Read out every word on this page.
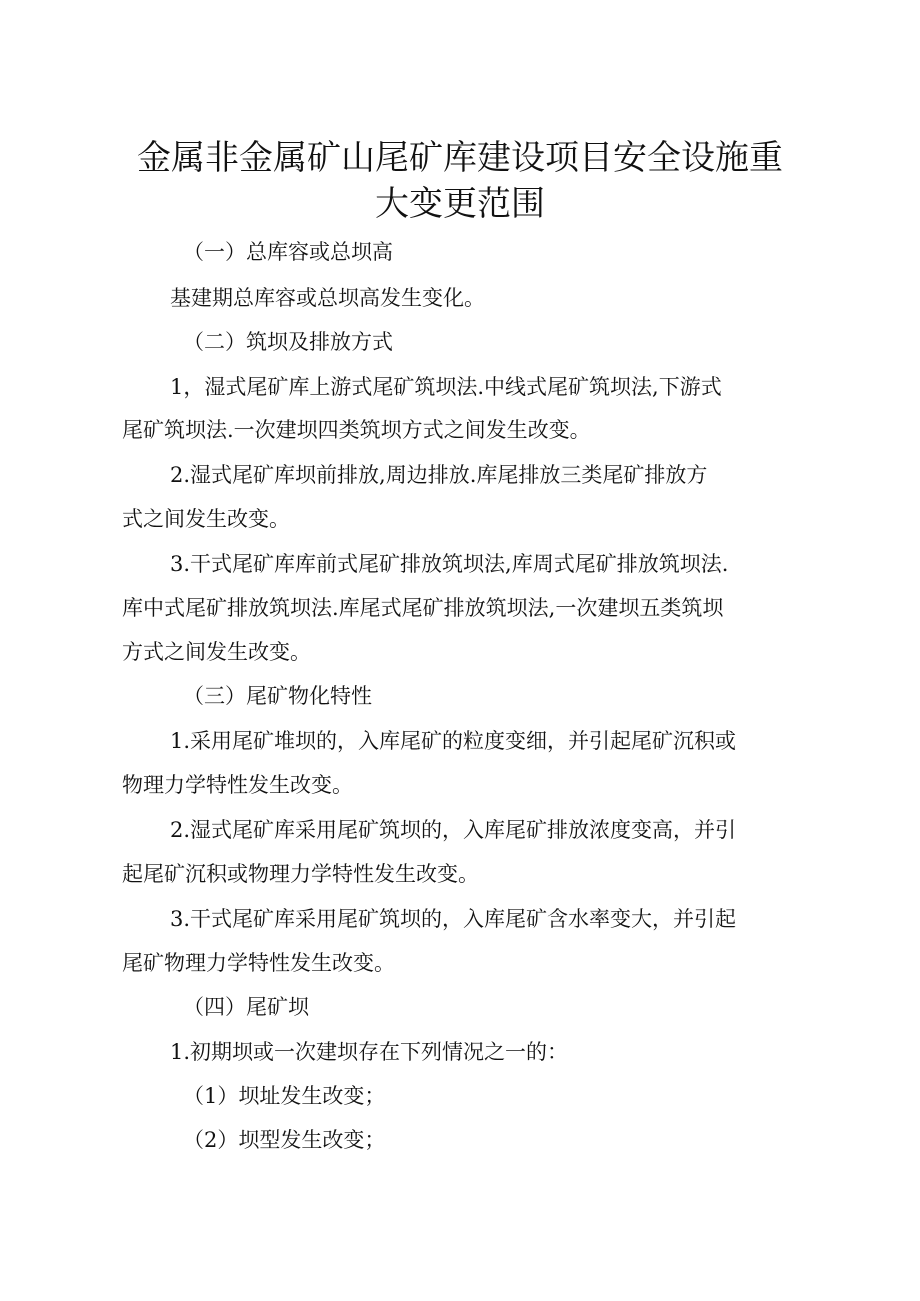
金属非金属矿山尾矿库建设项目安全设施重
大变更范围
（一）总库容或总坝高
基建期总库容或总坝高发生变化。
（二）筑坝及排放方式
1，湿式尾矿库上游式尾矿筑坝法.中线式尾矿筑坝法,下游式
尾矿筑坝法.一次建坝四类筑坝方式之间发生改变。
2.湿式尾矿库坝前排放,周边排放.库尾排放三类尾矿排放方
式之间发生改变。
3.干式尾矿库库前式尾矿排放筑坝法,库周式尾矿排放筑坝法.
库中式尾矿排放筑坝法.库尾式尾矿排放筑坝法,一次建坝五类筑坝
方式之间发生改变。
（三）尾矿物化特性
1.采用尾矿堆坝的，入库尾矿的粒度变细，并引起尾矿沉积或
物理力学特性发生改变。
2.湿式尾矿库采用尾矿筑坝的，入库尾矿排放浓度变高，并引
起尾矿沉积或物理力学特性发生改变。
3.干式尾矿库采用尾矿筑坝的，入库尾矿含水率变大，并引起
尾矿物理力学特性发生改变。
（四）尾矿坝
1.初期坝或一次建坝存在下列情况之一的：
（1）坝址发生改变；
（2）坝型发生改变；
